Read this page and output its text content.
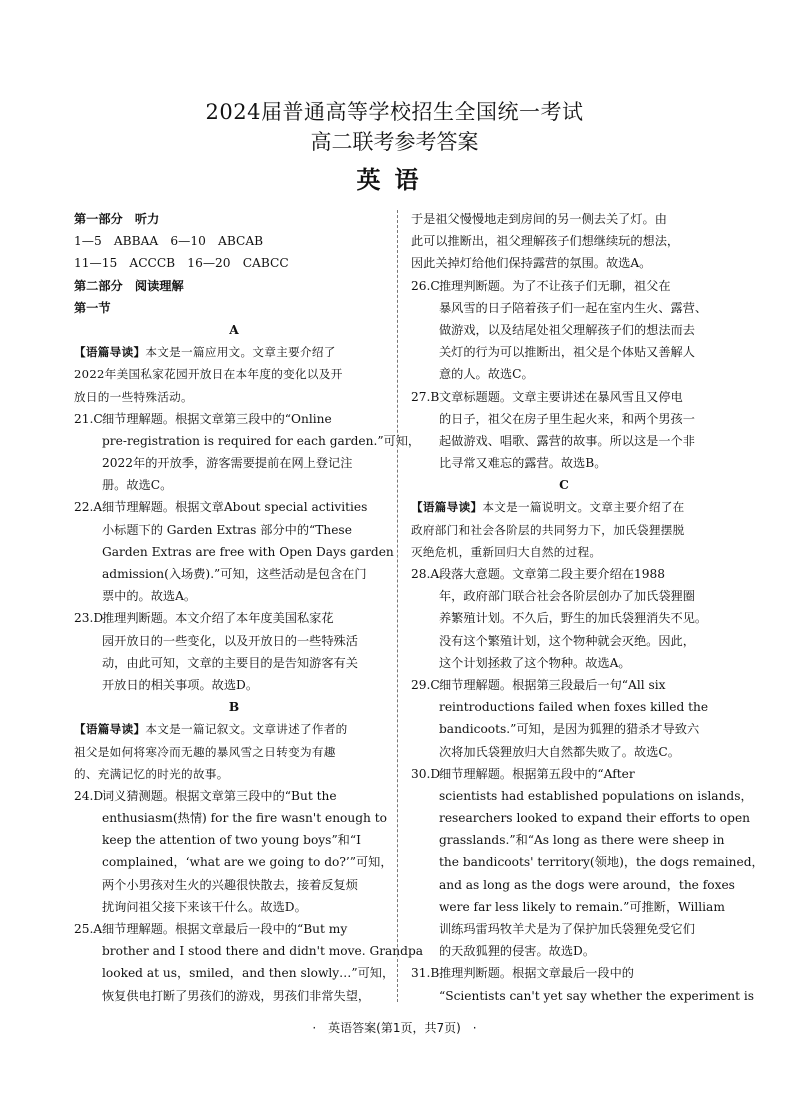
2024届普通高等学校招生全国统一考试
高二联考参考答案
英语
第一部分　听力
1—5　ABBAA　6—10　ABCAB
11—15　ACCCB　16—20　CABCC
第二部分　阅读理解
第一节
A
【语篇导读】本文是一篇应用文。文章主要介绍了
2022年美国私家花园开放日在本年度的变化以及开
放日的一些特殊活动。
21.C细节理解题。根据文章第三段中的“Online
pre-registration is required for each garden.”可知，
2022年的开放季，游客需要提前在网上登记注
册。故选C。
22.A细节理解题。根据文章About special activities
小标题下的 Garden Extras 部分中的“These
Garden Extras are free with Open Days garden
admission(入场费).”可知，这些活动是包含在门
票中的。故选A。
23.D推理判断题。本文介绍了本年度美国私家花
园开放日的一些变化，以及开放日的一些特殊活
动，由此可知，文章的主要目的是告知游客有关
开放日的相关事项。故选D。
B
【语篇导读】本文是一篇记叙文。文章讲述了作者的
祖父是如何将寒冷而无趣的暴风雪之日转变为有趣
的、充满记忆的时光的故事。
24.D词义猜测题。根据文章第三段中的“But the
enthusiasm(热情) for the fire wasn't enough to
keep the attention of two young boys”和“I
complained，‘what are we going to do?’”可知，
两个小男孩对生火的兴趣很快散去，接着反复烦
扰询问祖父接下来该干什么。故选D。
25.A细节理解题。根据文章最后一段中的“But my
brother and I stood there and didn't move. Grandpa
looked at us，smiled，and then slowly…”可知，
恢复供电打断了男孩们的游戏，男孩们非常失望，
于是祖父慢慢地走到房间的另一侧去关了灯。由
此可以推断出，祖父理解孩子们想继续玩的想法，
因此关掉灯给他们保持露营的氛围。故选A。
26.C推理判断题。为了不让孩子们无聊，祖父在
暴风雪的日子陪着孩子们一起在室内生火、露营、
做游戏，以及结尾处祖父理解孩子们的想法而去
关灯的行为可以推断出，祖父是个体贴又善解人
意的人。故选C。
27.B文章标题题。文章主要讲述在暴风雪且又停电
的日子，祖父在房子里生起火来，和两个男孩一
起做游戏、唱歌、露营的故事。所以这是一个非
比寻常又难忘的露营。故选B。
C
【语篇导读】本文是一篇说明文。文章主要介绍了在
政府部门和社会各阶层的共同努力下，加氏袋狸摆脱
灭绝危机，重新回归大自然的过程。
28.A段落大意题。文章第二段主要介绍在1988
年，政府部门联合社会各阶层创办了加氏袋狸圈
养繁殖计划。不久后，野生的加氏袋狸消失不见。
没有这个繁殖计划，这个物种就会灭绝。因此，
这个计划拯救了这个物种。故选A。
29.C细节理解题。根据第三段最后一句“All six
reintroductions failed when foxes killed the
bandicoots.”可知，是因为狐狸的猎杀才导致六
次将加氏袋狸放归大自然都失败了。故选C。
30.D细节理解题。根据第五段中的“After
scientists had established populations on islands，
researchers looked to expand their efforts to open
grasslands.”和“As long as there were sheep in
the bandicoots' territory(领地)，the dogs remained，
and as long as the dogs were around，the foxes
were far less likely to remain.”可推断，William
训练玛雷玛牧羊犬是为了保护加氏袋狸免受它们
的天敌狐狸的侵害。故选D。
31.B推理判断题。根据文章最后一段中的
“Scientists can't yet say whether the experiment is
·　英语答案(第1页，共7页)　·
